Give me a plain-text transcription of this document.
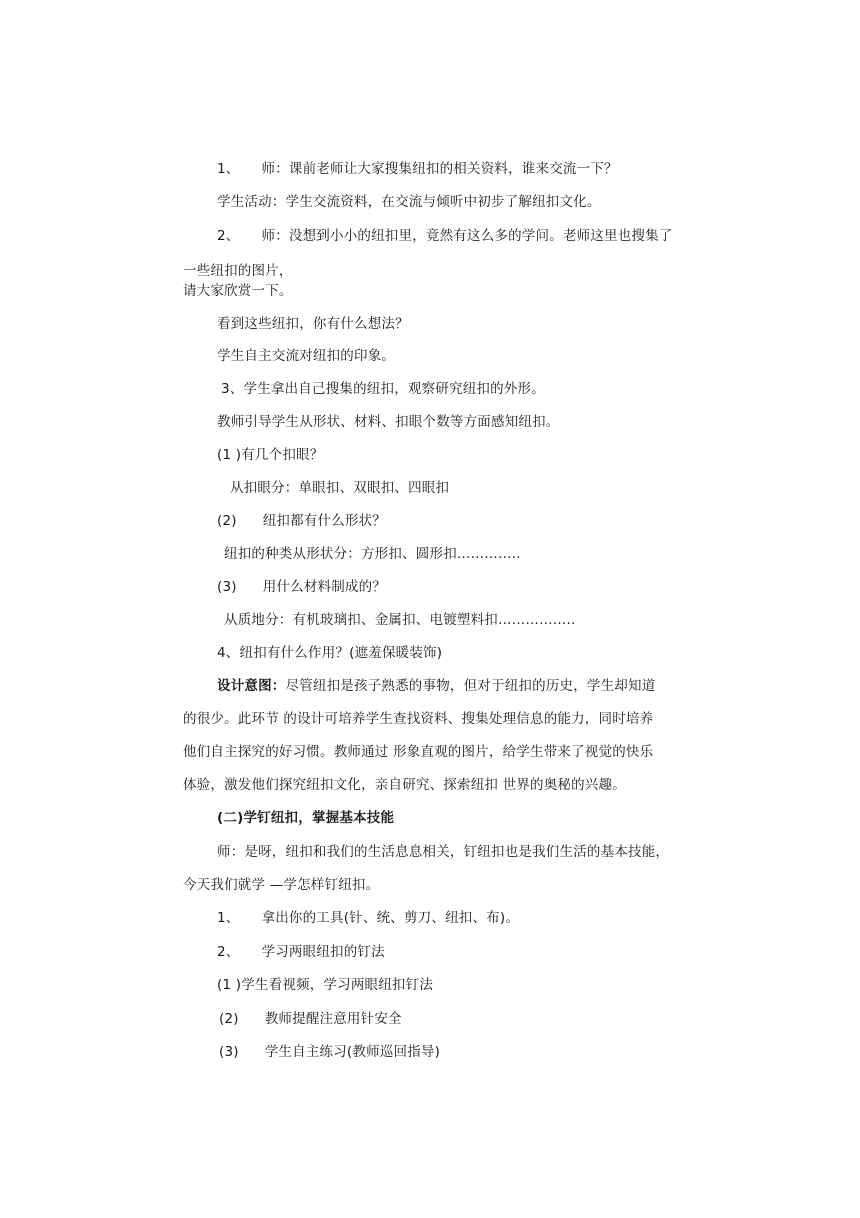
1、 师：课前老师让大家搜集纽扣的相关资料，谁来交流一下？
学生活动：学生交流资料，在交流与倾听中初步了解纽扣文化。
2、 师：没想到小小的纽扣里，竟然有这么多的学问。老师这里也搜集了
一些纽扣的图片，
请大家欣赏一下。
看到这些纽扣，你有什么想法？
学生自主交流对纽扣的印象。
3、学生拿出自己搜集的纽扣，观察研究纽扣的外形。
教师引导学生从形状、材料、扣眼个数等方面感知纽扣。
(1 )有几个扣眼？
从扣眼分：单眼扣、双眼扣、四眼扣
(2) 纽扣都有什么形状？
纽扣的种类从形状分：方形扣、圆形扣…………..
(3) 用什么材料制成的？
从质地分：有机玻璃扣、金属扣、电镀塑料扣……………..
4、纽扣有什么作用？(遮羞保暖装饰)
设计意图：尽管纽扣是孩子熟悉的事物，但对于纽扣的历史，学生却知道
的很少。此环节 的设计可培养学生查找资料、搜集处理信息的能力，同时培养
他们自主探究的好习惯。教师通过 形象直观的图片，给学生带来了视觉的快乐
体验，激发他们探究纽扣文化，亲自研究、探索纽扣 世界的奥秘的兴趣。
(二)学钉纽扣，掌握基本技能
师：是呀，纽扣和我们的生活息息相关，钉纽扣也是我们生活的基本技能，
今天我们就学 —学怎样钉纽扣。
1、 拿出你的工具(针、统、剪刀、纽扣、布)。
2、 学习两眼纽扣的钉法
(1 )学生看视频，学习两眼纽扣钉法
(2) 教师提醒注意用针安全
(3) 学生自主练习(教师巡回指导)
